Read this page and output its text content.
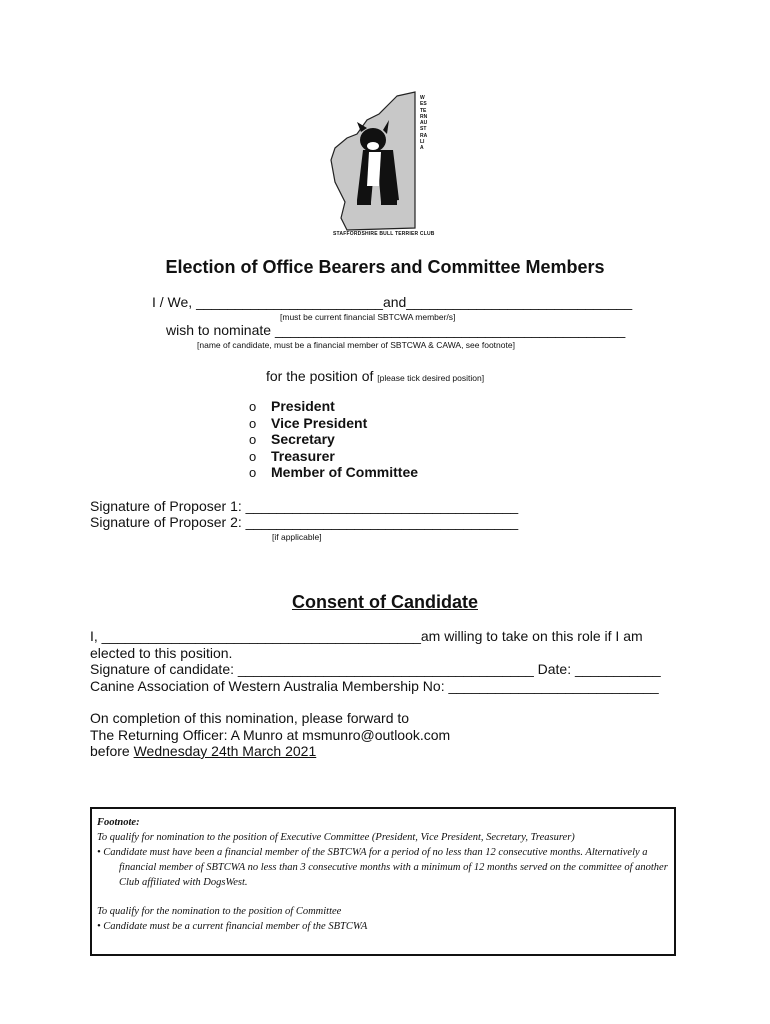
WESTERN AUSTRALIA
STAFFORDSHIRE BULL TERRIER CLUB
Election of Office Bearers and Committee Members
I / We, ________________________and_____________________________
[must be current financial SBTCWA member/s]
wish to nominate _____________________________________________
[name of candidate, must be a financial member of SBTCWA & CAWA, see footnote]
for the position of [please tick desired position]
o President
o Vice President
o Secretary
o Treasurer
o Member of Committee
Signature of Proposer 1: ___________________________________
Signature of Proposer 2: ___________________________________
[if applicable]
Consent of Candidate
I, _________________________________________am willing to take on this role if I am
elected to this position.
Signature of candidate: ______________________________________ Date: ___________
Canine Association of Western Australia Membership No: ___________________________
On completion of this nomination, please forward to
The Returning Officer: A Munro at msmunro@outlook.com
before Wednesday 24th March 2021

Footnote:

To qualify for nomination to the position of Executive Committee (President, Vice President, Secretary, Treasurer)

• Candidate must have been a financial member of the SBTCWA for a period of no less than 12 consecutive months. Alternatively a financial member of SBTCWA no less than 3 consecutive months with a minimum of 12 months served on the committee of another Club affiliated with DogsWest.

To qualify for the nomination to the position of Committee

• Candidate must be a current financial member of the SBTCWA
